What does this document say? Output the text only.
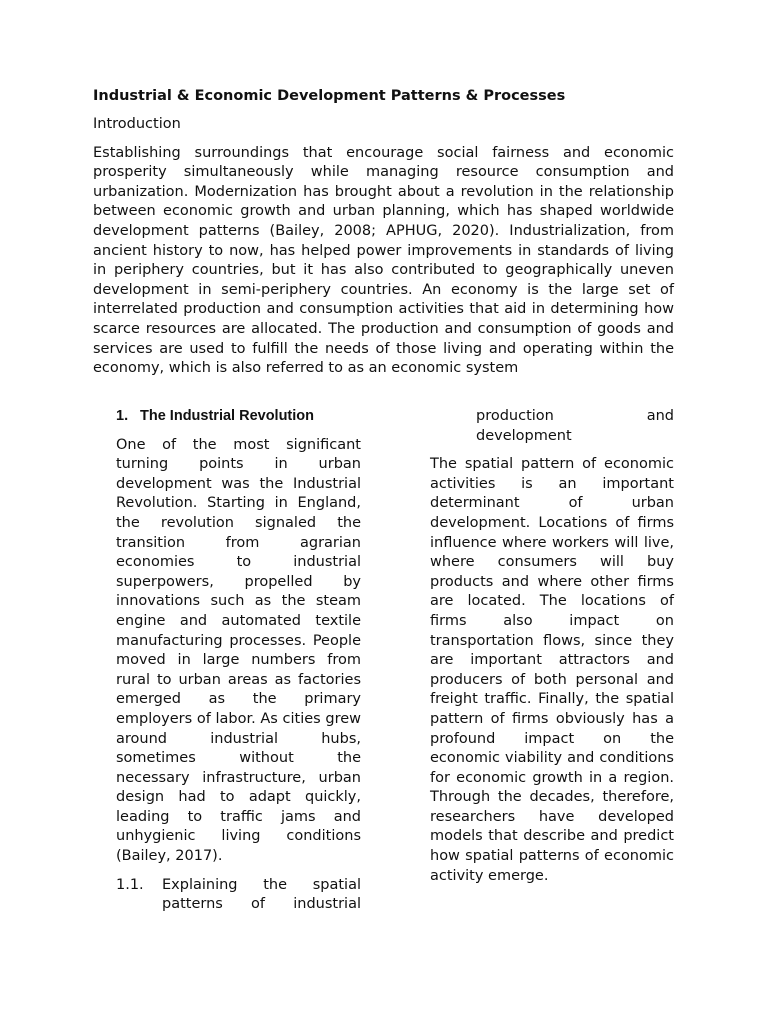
Industrial & Economic Development Patterns & Processes
Introduction

Establishing surroundings that encourage social fairness and economic prosperity simultaneously while managing resource consumption and urbanization. Modernization has brought about a revolution in the relationship between economic growth and urban planning, which has shaped worldwide development patterns (Bailey, 2008; APHUG, 2020). Industrialization, from ancient history to now, has helped power improvements in standards of living in periphery countries, but it has also contributed to geographically uneven development in semi-periphery countries. An economy is the large set of interrelated production and consumption activities that aid in determining how scarce resources are allocated. The production and consumption of goods and services are used to fulfill the needs of those living and operating within the economy, which is also referred to as an economic system

1. The Industrial Revolution

One of the most significant turning points in urban development was the Industrial Revolution. Starting in England, the revolution signaled the transition from agrarian economies to industrial superpowers, propelled by innovations such as the steam engine and automated textile manufacturing processes. People moved in large numbers from rural to urban areas as factories emerged as the primary employers of labor. As cities grew around industrial hubs, sometimes without the necessary infrastructure, urban design had to adapt quickly, leading to traffic jams and unhygienic living conditions (Bailey, 2017).

1.1.	Explaining the spatial patterns of industrial
production and
development

The spatial pattern of economic activities is an important determinant of urban development. Locations of firms influence where workers will live, where consumers will buy products and where other firms are located. The locations of firms also impact on transportation flows, since they are important attractors and producers of both personal and freight traffic. Finally, the spatial pattern of firms obviously has a profound impact on the economic viability and conditions for economic growth in a region. Through the decades, therefore, researchers have developed models that describe and predict how spatial patterns of economic activity emerge.
